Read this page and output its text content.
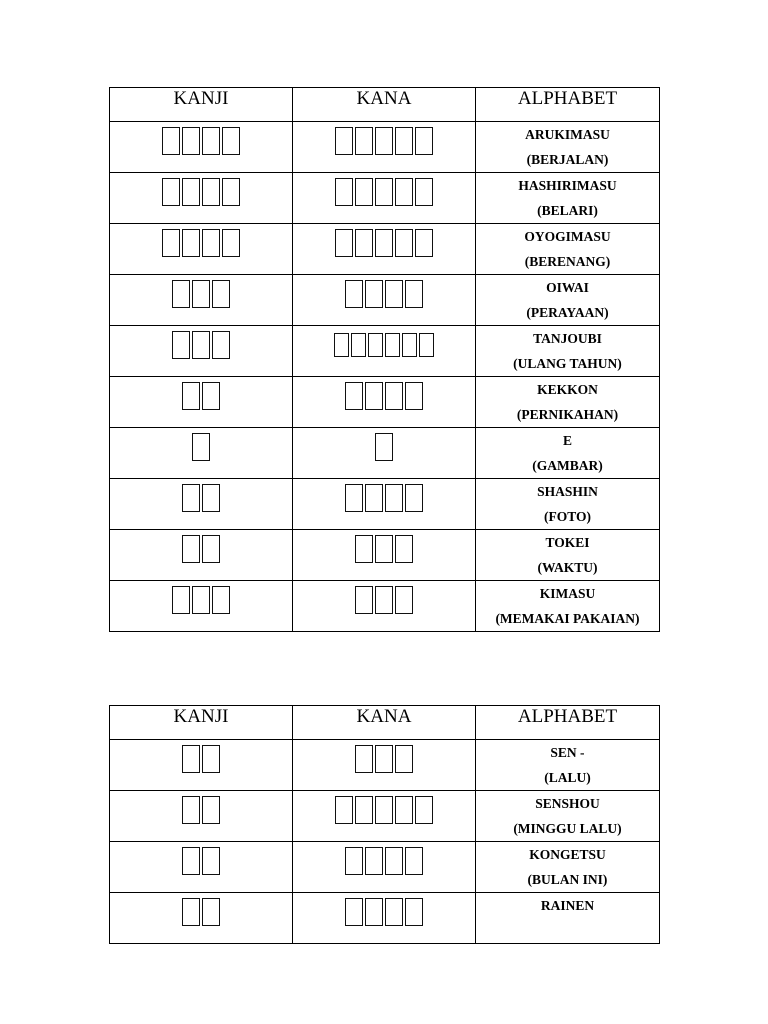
KANJI	KANA	ALPHABET

		ARUKIMASU
(BERJALAN)

		HASHIRIMASU
(BELARI)

		OYOGIMASU
(BERENANG)

		OIWAI
(PERAYAAN)

		TANJOUBI
(ULANG TAHUN)

		KEKKON
(PERNIKAHAN)

		E
(GAMBAR)

		SHASHIN
(FOTO)

		TOKEI
(WAKTU)

		KIMASU
(MEMAKAI PAKAIAN)
KANJI	KANA	ALPHABET

		SEN -
(LALU)

		SENSHOU
(MINGGU LALU)

		KONGETSU
(BULAN INI)

		RAINEN
